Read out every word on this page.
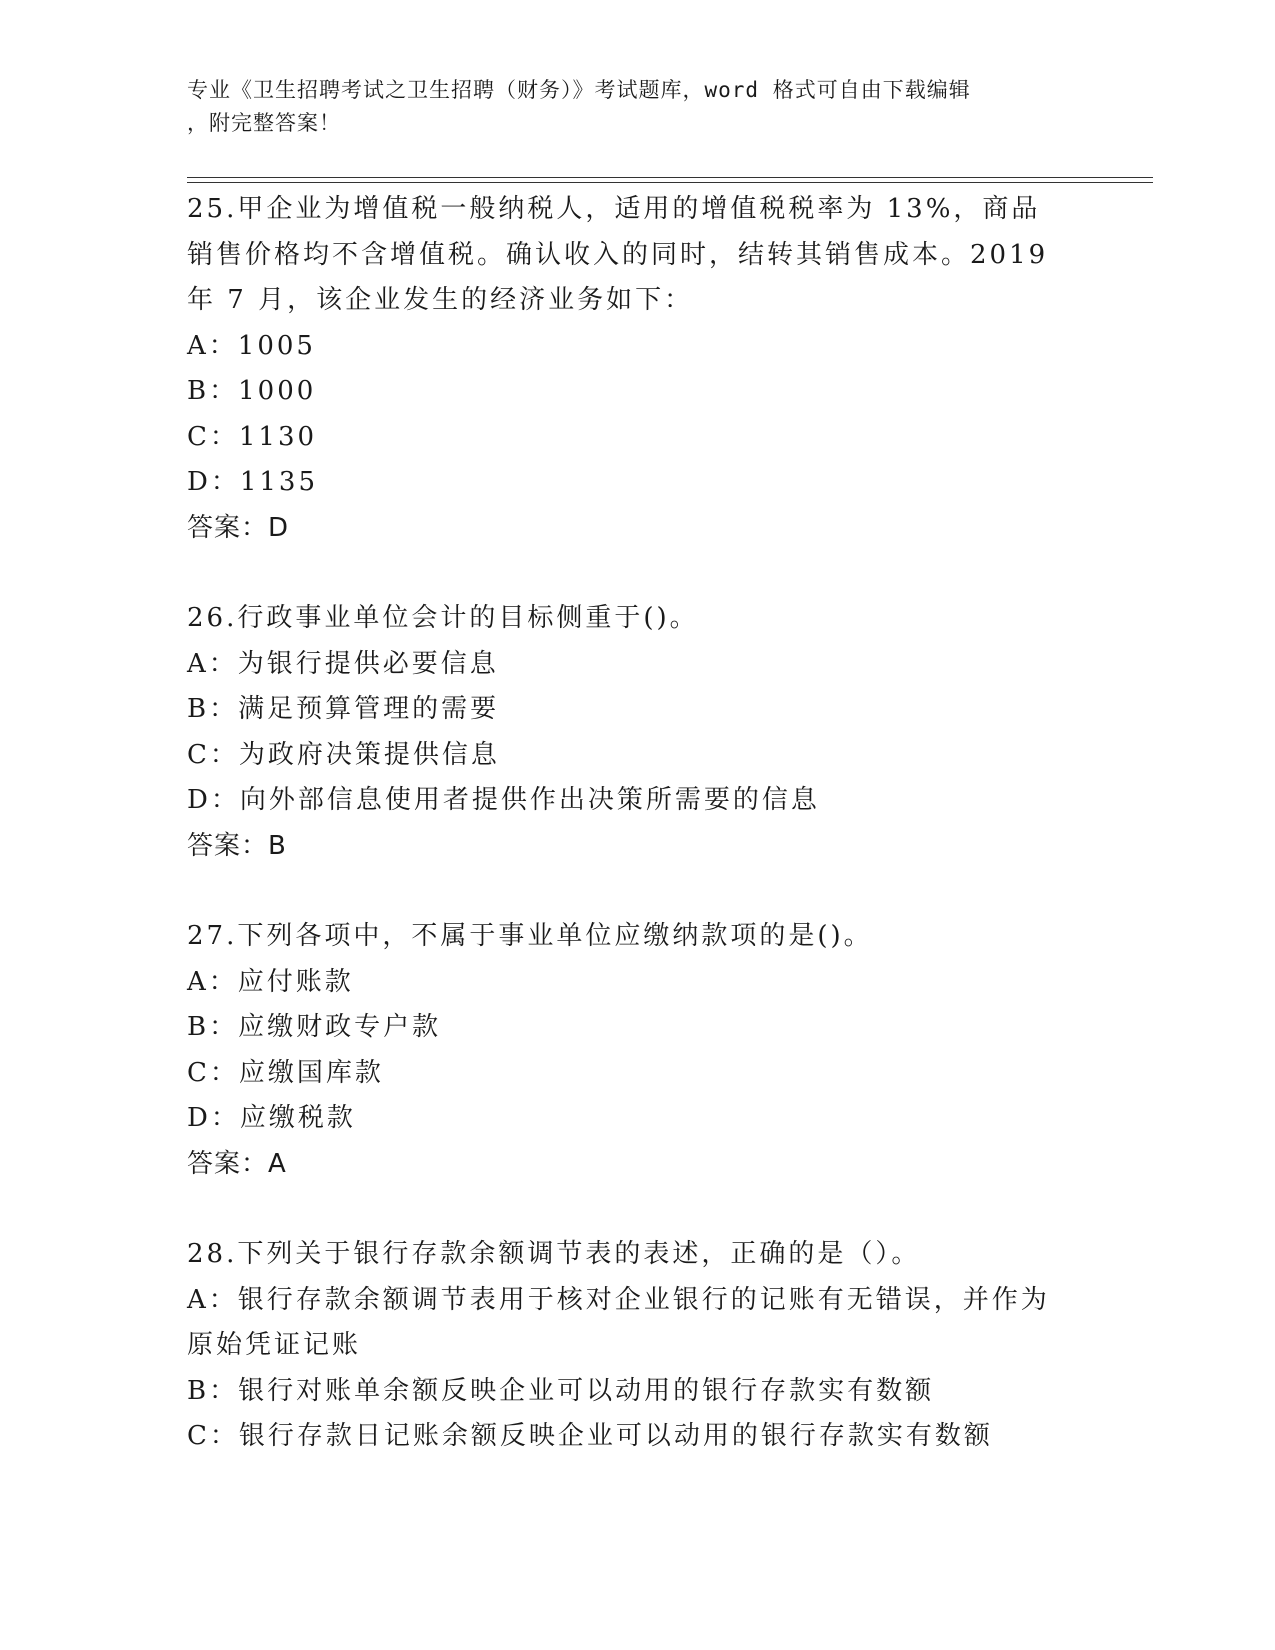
专业《卫生招聘考试之卫生招聘（财务）》考试题库，word 格式可自由下载编辑
，附完整答案！
25.甲企业为增值税一般纳税人，适用的增值税税率为 13%，商品销售价格均不含增值税。确认收入的同时，结转其销售成本。2019 年 7 月，该企业发生的经济业务如下：
A：1005
B：1000
C：1130
D：1135
答案：D
26.行政事业单位会计的目标侧重于()。
A：为银行提供必要信息
B：满足预算管理的需要
C：为政府决策提供信息
D：向外部信息使用者提供作出决策所需要的信息
答案：B
27.下列各项中，不属于事业单位应缴纳款项的是()。
A：应付账款
B：应缴财政专户款
C：应缴国库款
D：应缴税款
答案：A
28.下列关于银行存款余额调节表的表述，正确的是（）。
A：银行存款余额调节表用于核对企业银行的记账有无错误，并作为原始凭证记账
B：银行对账单余额反映企业可以动用的银行存款实有数额
C：银行存款日记账余额反映企业可以动用的银行存款实有数额
